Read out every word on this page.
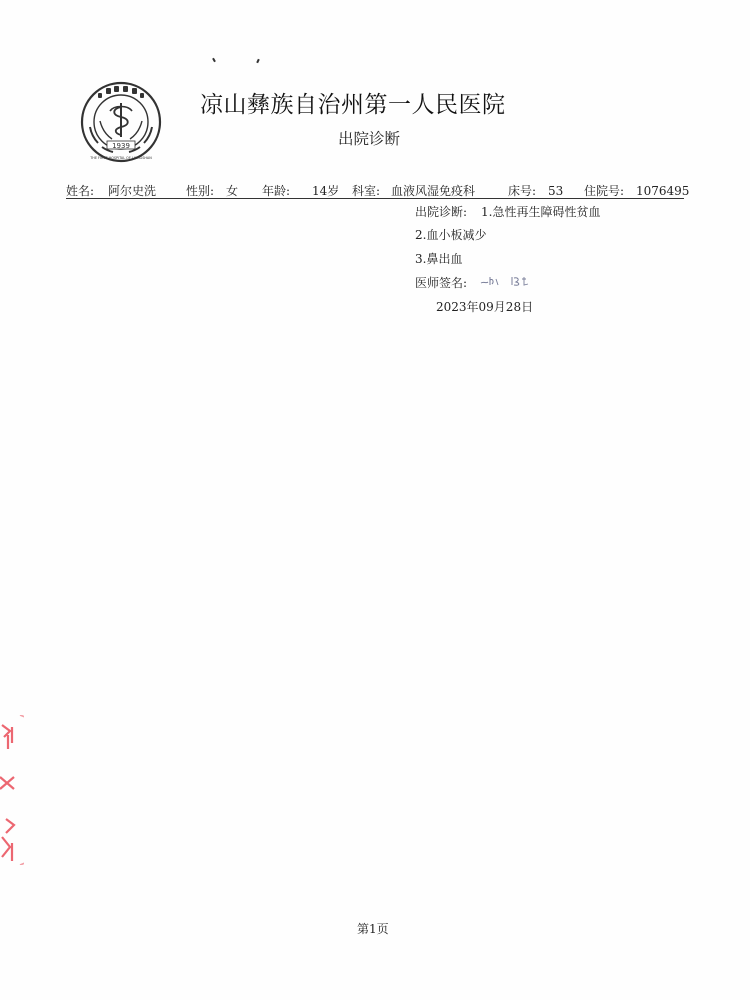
1939
THE FIRST HOSPITAL OF LIANGSHAN
凉山彝族自治州第一人民医院
出院诊断
姓名: 阿尔史洗 性别: 女 年龄: 14岁 科室: 血液风湿免疫科	床号: 53 住院号: 1076495
出院诊断: 1.急性再生障碍性贫血
2.血小板减少
3.鼻出血
医师签名:
2023年09月28日
第1页
